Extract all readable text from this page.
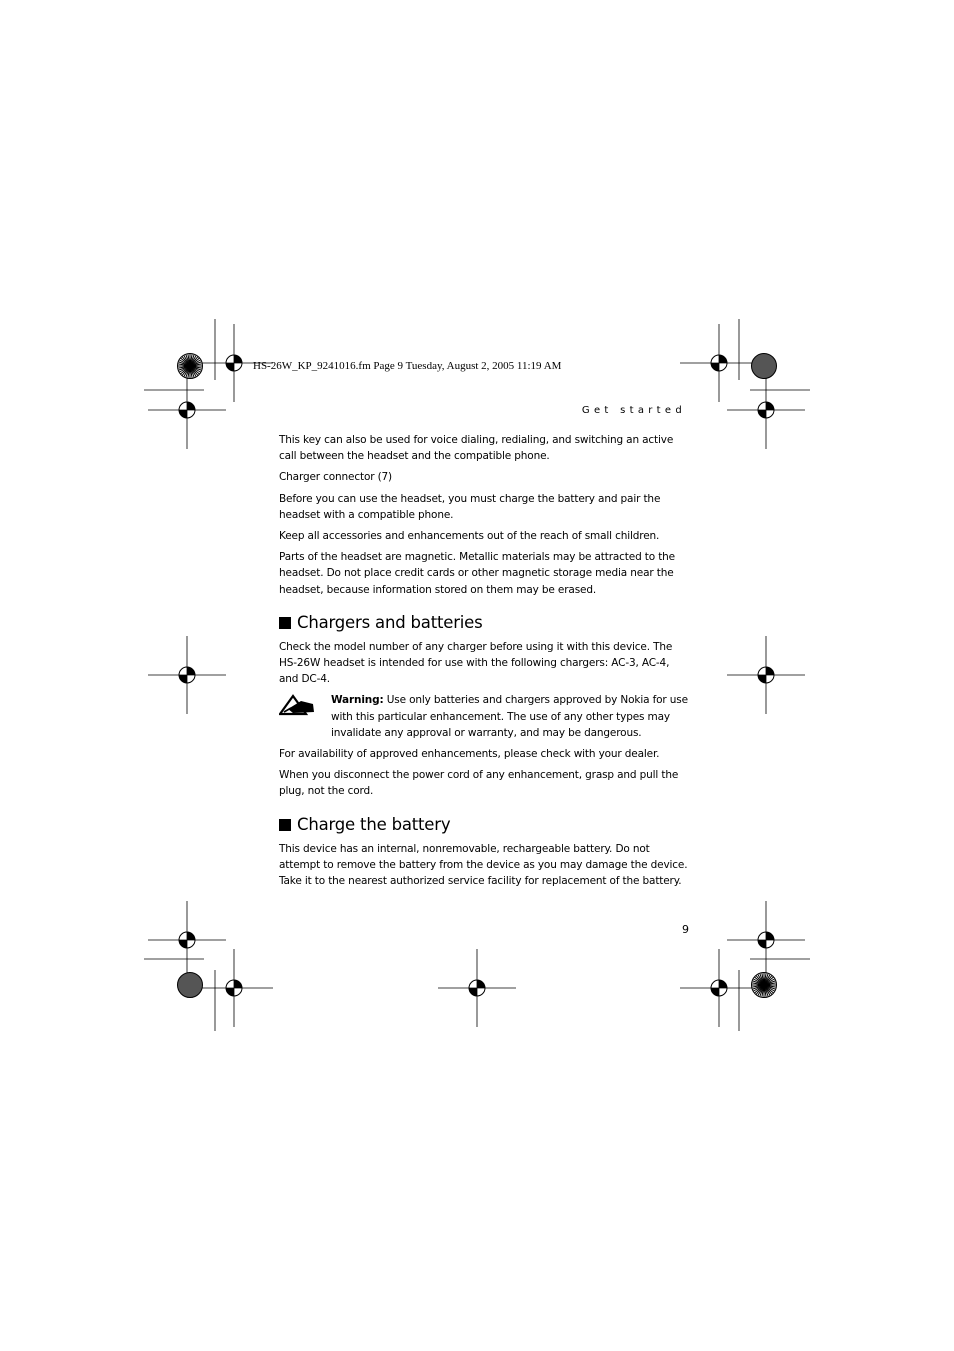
HS-26W_KP_9241016.fm Page 9 Tuesday, August 2, 2005 11:19 AM
Get started

This key can also be used for voice dialing, redialing, and switching an active call between the headset and the compatible phone.

Charger connector (7)

Before you can use the headset, you must charge the battery and pair the headset with a compatible phone.

Keep all accessories and enhancements out of the reach of small children.

Parts of the headset are magnetic. Metallic materials may be attracted to the headset. Do not place credit cards or other magnetic storage media near the headset, because information stored on them may be erased.

Chargers and batteries

Check the model number of any charger before using it with this device. The HS-26W headset is intended for use with the following chargers: AC-3, AC-4, and DC-4.

Warning: Use only batteries and chargers approved by Nokia for use with this particular enhancement. The use of any other types may invalidate any approval or warranty, and may be dangerous.

For availability of approved enhancements, please check with your dealer.

When you disconnect the power cord of any enhancement, grasp and pull the plug, not the cord.

Charge the battery

This device has an internal, nonremovable, rechargeable battery. Do not attempt to remove the battery from the device as you may damage the device. Take it to the nearest authorized service facility for replacement of the battery.

9
